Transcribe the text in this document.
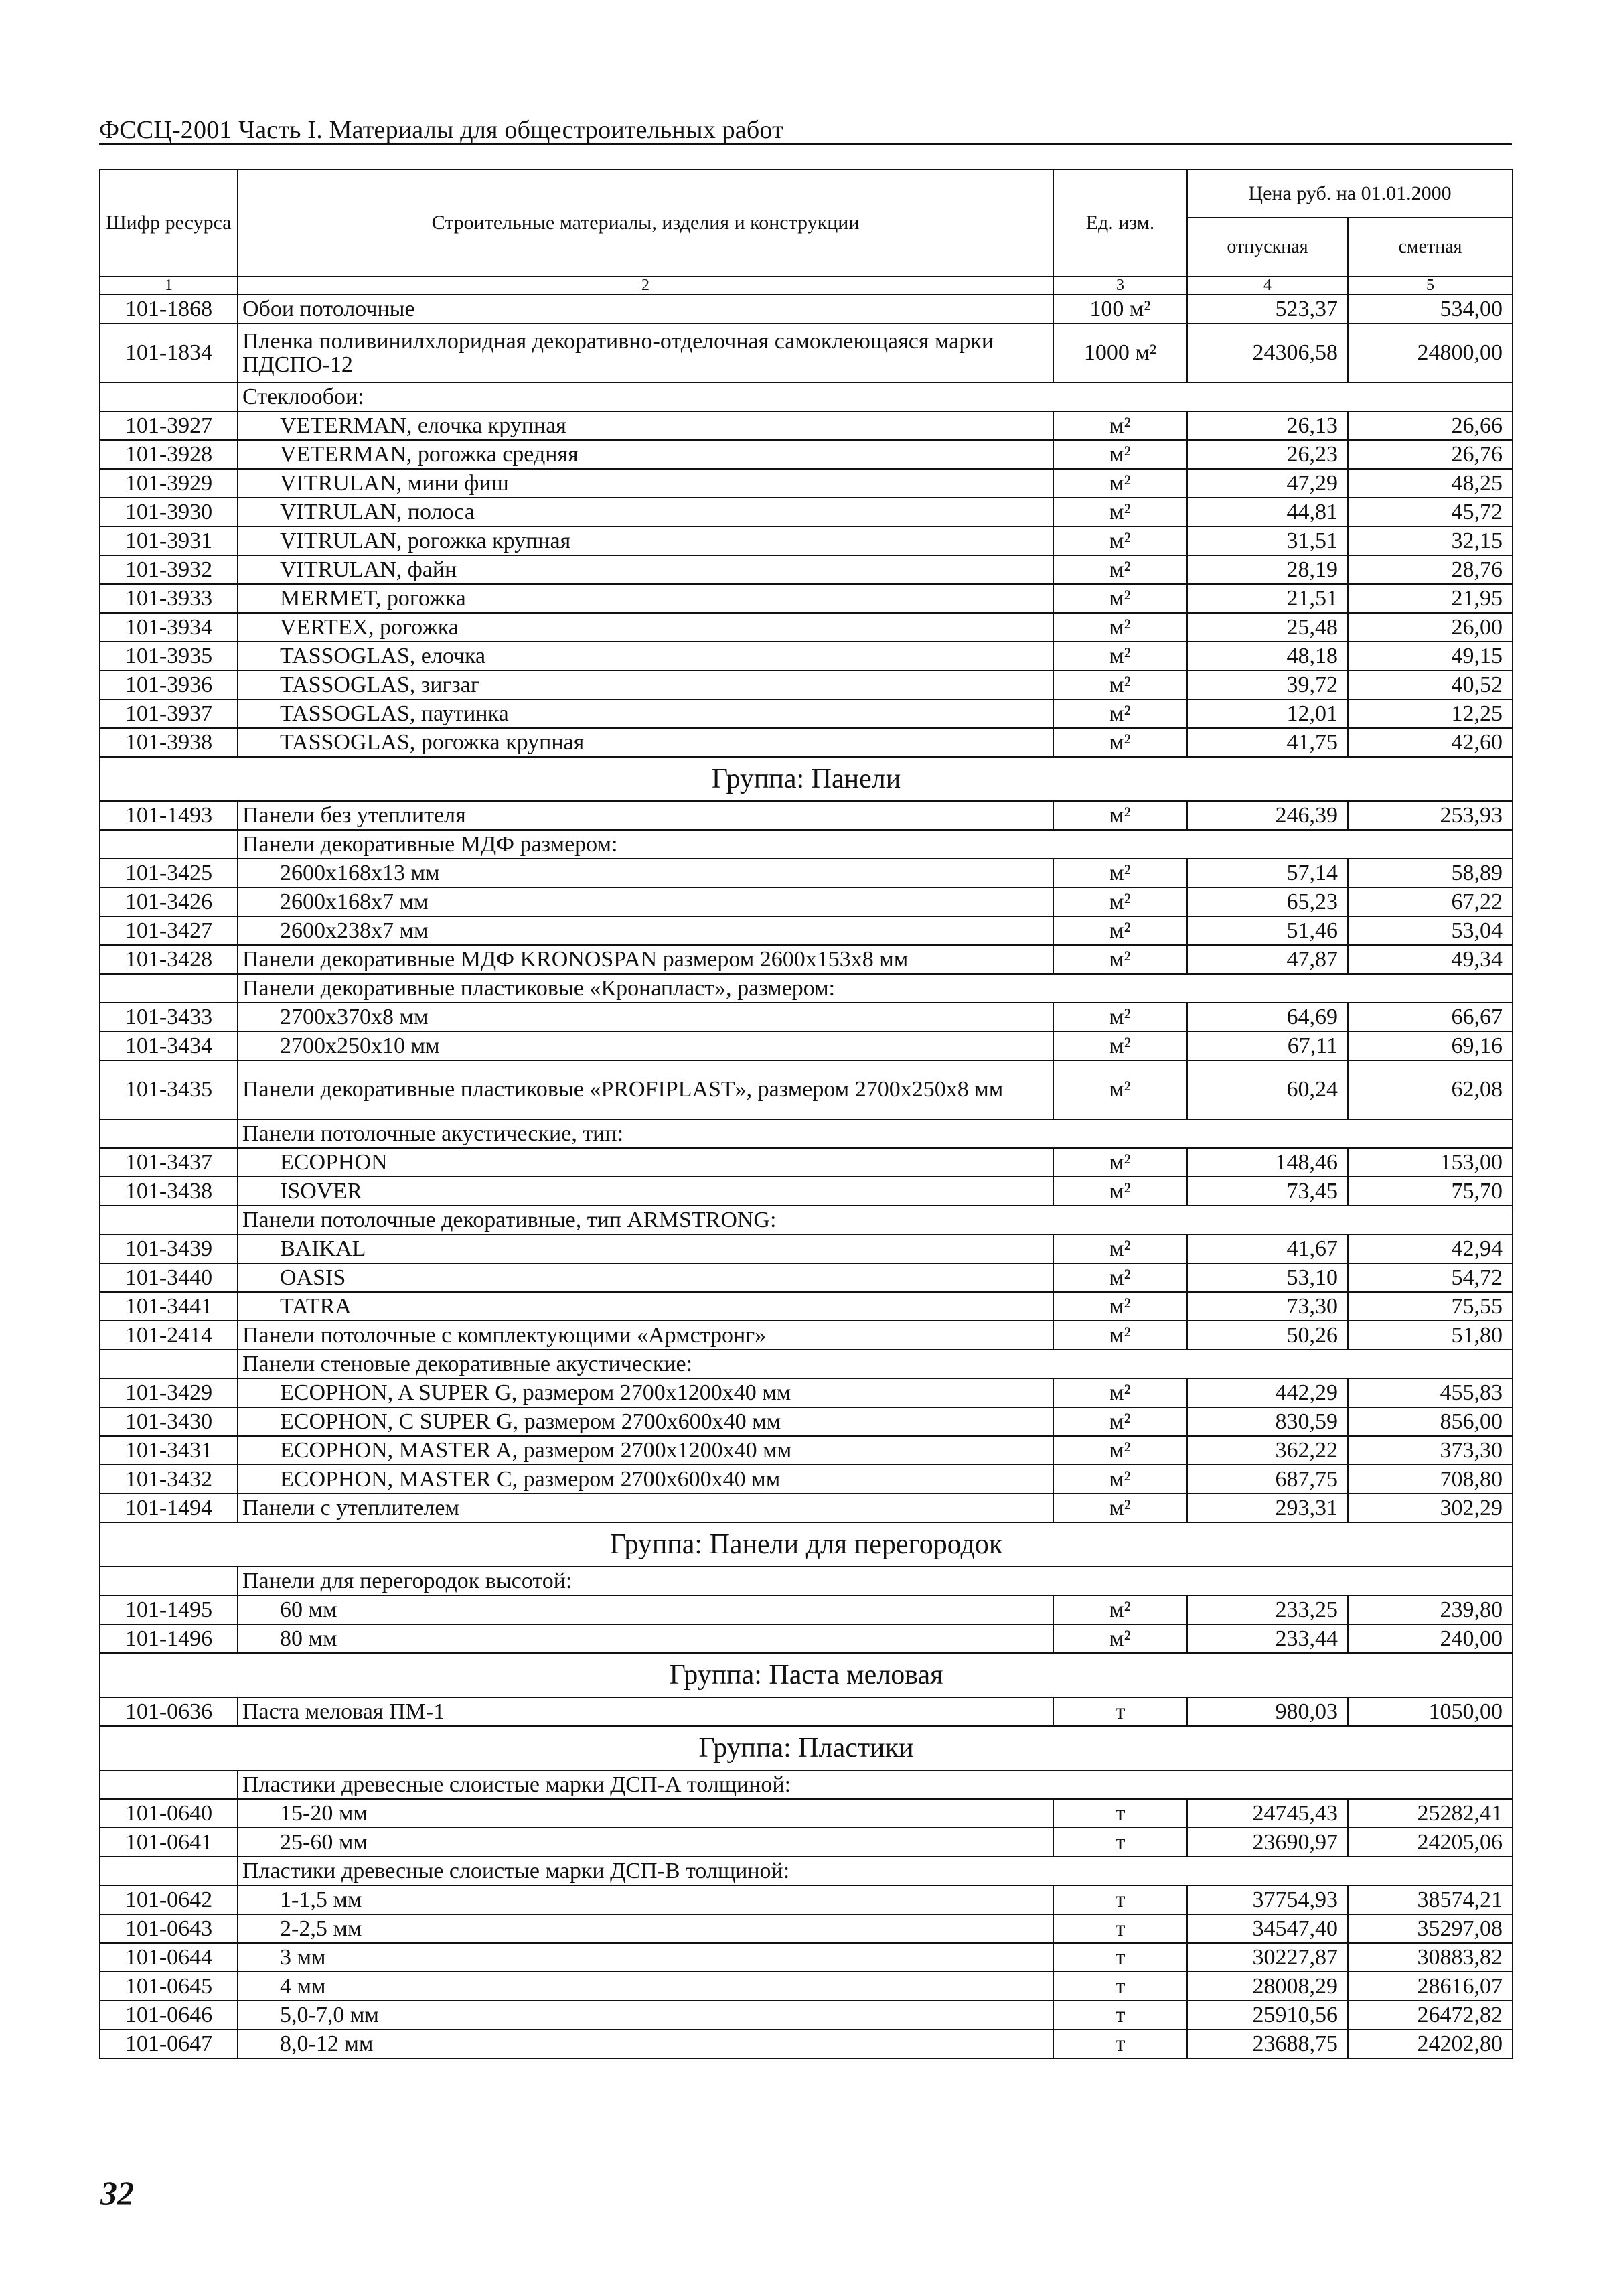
ФССЦ-2001 Часть I. Материалы для общестроительных работ
Шифр ресурса	Строительные материалы, изделия и конструкции	Ед. изм.	Цена руб. на 01.01.2000	
			отпускная	сметная
1	2	3	4	5
101-1868	Обои потолочные	100 м²	523,37	534,00
101-1834	Пленка поливинилхлоридная декоративно-отделочная самоклеющаяся марки ПДСПО-12	1000 м²	24306,58	24800,00
	Стеклообои:			
101-3927	VETERMAN, елочка крупная	м²	26,13	26,66
101-3928	VETERMAN, рогожка средняя	м²	26,23	26,76
101-3929	VITRULAN, мини фиш	м²	47,29	48,25
101-3930	VITRULAN, полоса	м²	44,81	45,72
101-3931	VITRULAN, рогожка крупная	м²	31,51	32,15
101-3932	VITRULAN, файн	м²	28,19	28,76
101-3933	MERMET, рогожка	м²	21,51	21,95
101-3934	VERTEX, рогожка	м²	25,48	26,00
101-3935	TASSOGLAS, елочка	м²	48,18	49,15
101-3936	TASSOGLAS, зигзаг	м²	39,72	40,52
101-3937	TASSOGLAS, паутинка	м²	12,01	12,25
101-3938	TASSOGLAS, рогожка крупная	м²	41,75	42,60
Группа: Панели				
101-1493	Панели без утеплителя	м²	246,39	253,93
	Панели декоративные МДФ размером:			
101-3425	2600x168x13 мм	м²	57,14	58,89
101-3426	2600x168x7 мм	м²	65,23	67,22
101-3427	2600x238x7 мм	м²	51,46	53,04
101-3428	Панели декоративные МДФ KRONOSPAN размером 2600x153x8 мм	м²	47,87	49,34
	Панели декоративные пластиковые «Кронапласт», размером:			
101-3433	2700x370x8 мм	м²	64,69	66,67
101-3434	2700x250x10 мм	м²	67,11	69,16
101-3435	Панели декоративные пластиковые «PROFIPLAST», размером 2700x250x8 мм	м²	60,24	62,08
	Панели потолочные акустические, тип:			
101-3437	ECOPHON	м²	148,46	153,00
101-3438	ISOVER	м²	73,45	75,70
	Панели потолочные декоративные, тип ARMSTRONG:			
101-3439	BAIKAL	м²	41,67	42,94
101-3440	OASIS	м²	53,10	54,72
101-3441	TATRA	м²	73,30	75,55
101-2414	Панели потолочные с комплектующими «Армстронг»	м²	50,26	51,80
	Панели стеновые декоративные акустические:			
101-3429	ECOPHON, A SUPER G, размером 2700x1200x40 мм	м²	442,29	455,83
101-3430	ECOPHON, C SUPER G, размером 2700x600x40 мм	м²	830,59	856,00
101-3431	ECOPHON, MASTER A, размером 2700x1200x40 мм	м²	362,22	373,30
101-3432	ECOPHON, MASTER C, размером 2700x600x40 мм	м²	687,75	708,80
101-1494	Панели с утеплителем	м²	293,31	302,29
Группа: Панели для перегородок				
	Панели для перегородок высотой:			
101-1495	60 мм	м²	233,25	239,80
101-1496	80 мм	м²	233,44	240,00
Группа: Паста меловая				
101-0636	Паста меловая ПМ-1	т	980,03	1050,00
Группа: Пластики				
	Пластики древесные слоистые марки ДСП-А толщиной:			
101-0640	15-20 мм	т	24745,43	25282,41
101-0641	25-60 мм	т	23690,97	24205,06
	Пластики древесные слоистые марки ДСП-В толщиной:			
101-0642	1-1,5 мм	т	37754,93	38574,21
101-0643	2-2,5 мм	т	34547,40	35297,08
101-0644	3 мм	т	30227,87	30883,82
101-0645	4 мм	т	28008,29	28616,07
101-0646	5,0-7,0 мм	т	25910,56	26472,82
101-0647	8,0-12 мм	т	23688,75	24202,80
32
